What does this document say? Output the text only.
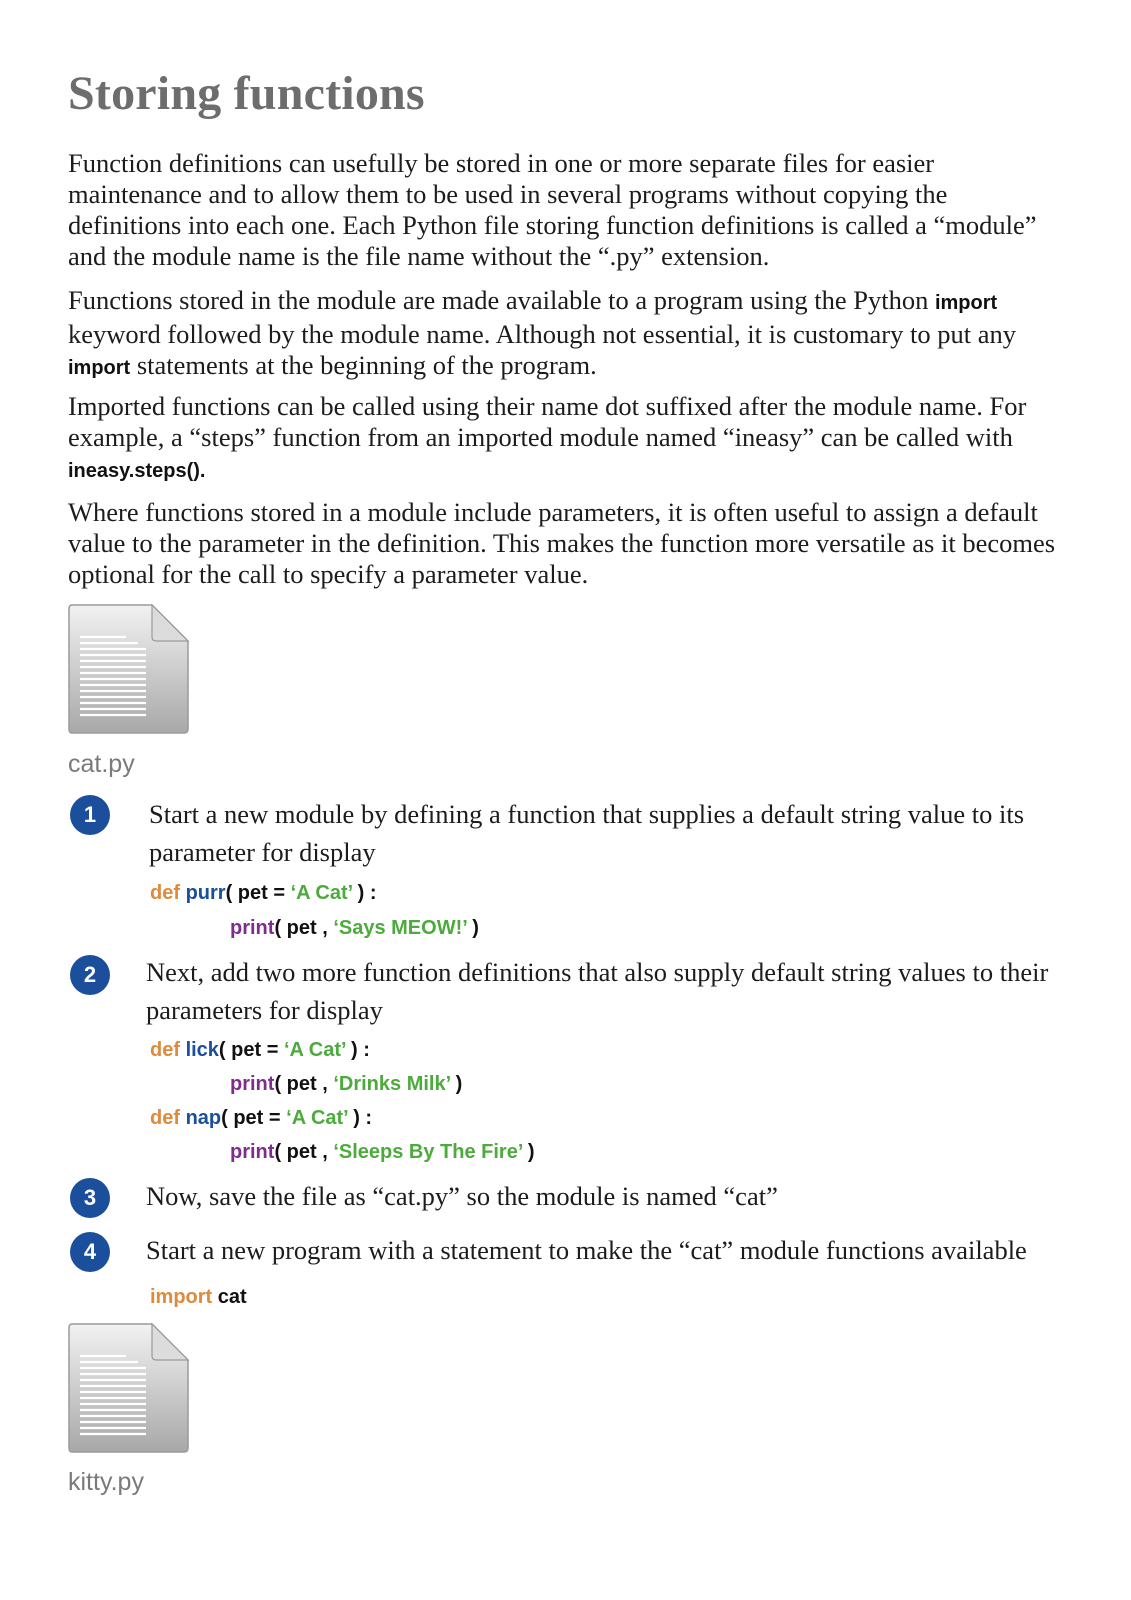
Storing functions

Function definitions can usefully be stored in one or more separate files for easier maintenance and to allow them to be used in several programs without copying the definitions into each one. Each Python file storing function definitions is called a “module” and the module name is the file name without the “.py” extension.

Functions stored in the module are made available to a program using the Python import keyword followed by the module name. Although not essential, it is customary to put any import statements at the beginning of the program.

Imported functions can be called using their name dot suffixed after the module name. For example, a “steps” function from an imported module named “ineasy” can be called with ineasy.steps().

Where functions stored in a module include parameters, it is often useful to assign a default value to the parameter in the definition. This makes the function more versatile as it becomes optional for the call to specify a parameter value.

cat.py
1	Start a new module by defining a function that supplies a default string value to its parameter for display

def purr( pet = ‘A Cat’ ) :
print( pet , ‘Says MEOW!’ )
2	Next, add two more function definitions that also supply default string values to their parameters for display

def lick( pet = ‘A Cat’ ) :
print( pet , ‘Drinks Milk’ )
def nap( pet = ‘A Cat’ ) :
print( pet , ‘Sleeps By The Fire’ )
3	Now, save the file as “cat.py” so the module is named “cat”

4	Start a new program with a statement to make the “cat” module functions available

import cat
kitty.py
